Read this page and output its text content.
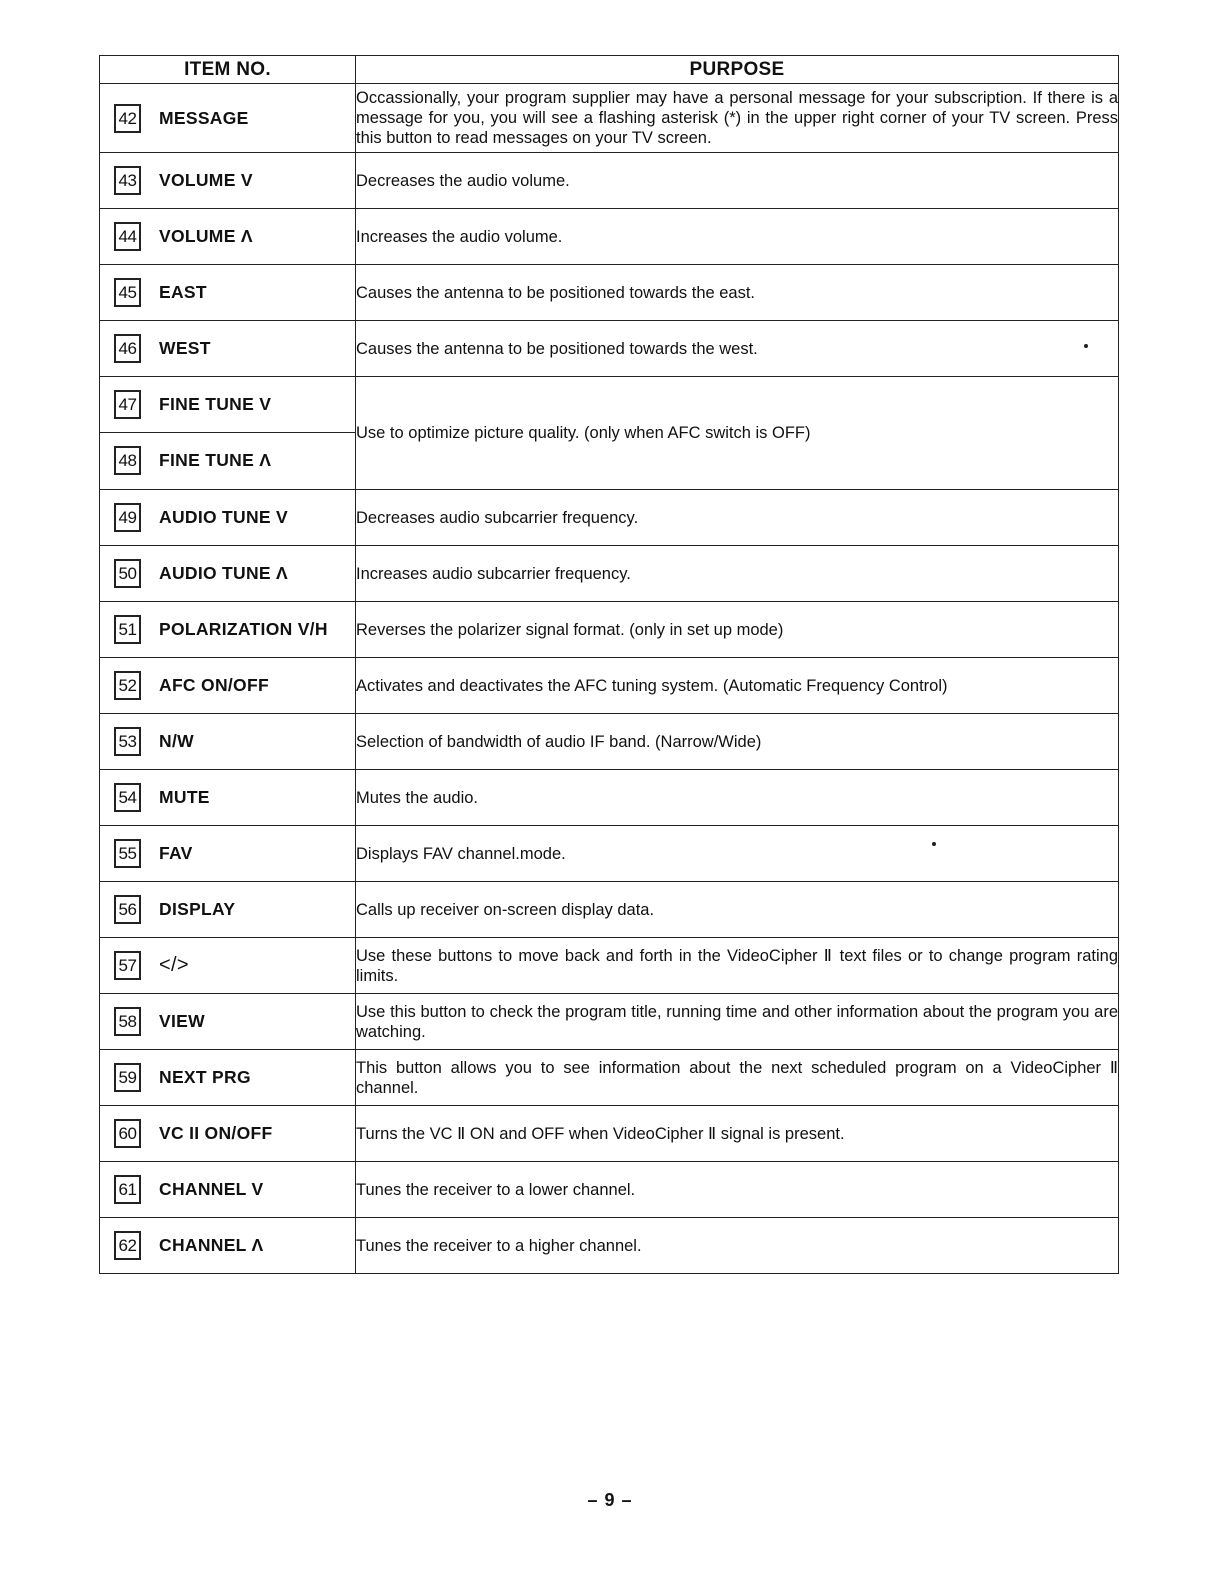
ITEM NO.	PURPOSE

42 MESSAGE	Occassionally, your program supplier may have a personal message for your subscription. If there is a message for you, you will see a flashing asterisk (*) in the upper right corner of your TV screen. Press this button to read messages on your TV screen.

43 VOLUME V	Decreases the audio volume.

44 VOLUME Λ	Increases the audio volume.

45 EAST	Causes the antenna to be positioned towards the east.

46 WEST	Causes the antenna to be positioned towards the west.

47 FINE TUNE V
48 FINE TUNE Λ	Use to optimize picture quality. (only when AFC switch is OFF)

49 AUDIO TUNE V	Decreases audio subcarrier frequency.

50 AUDIO TUNE Λ	Increases audio subcarrier frequency.

51 POLARIZATION V/H	Reverses the polarizer signal format. (only in set up mode)

52 AFC ON/OFF	Activates and deactivates the AFC tuning system. (Automatic Frequency Control)

53 N/W	Selection of bandwidth of audio IF band. (Narrow/Wide)

54 MUTE	Mutes the audio.

55 FAV	Displays FAV channel.mode.

56 DISPLAY	Calls up receiver on-screen display data.

57 </>	Use these buttons to move back and forth in the VideoCipher Ⅱ text files or to change program rating limits.

58 VIEW	Use this button to check the program title, running time and other information about the program you are watching.

59 NEXT PRG	This button allows you to see information about the next scheduled program on a VideoCipher Ⅱ channel.

60 VC II ON/OFF	Turns the VC Ⅱ ON and OFF when VideoCipher Ⅱ signal is present.

61 CHANNEL V	Tunes the receiver to a lower channel.

62 CHANNEL Λ	Tunes the receiver to a higher channel.
– 9 –
